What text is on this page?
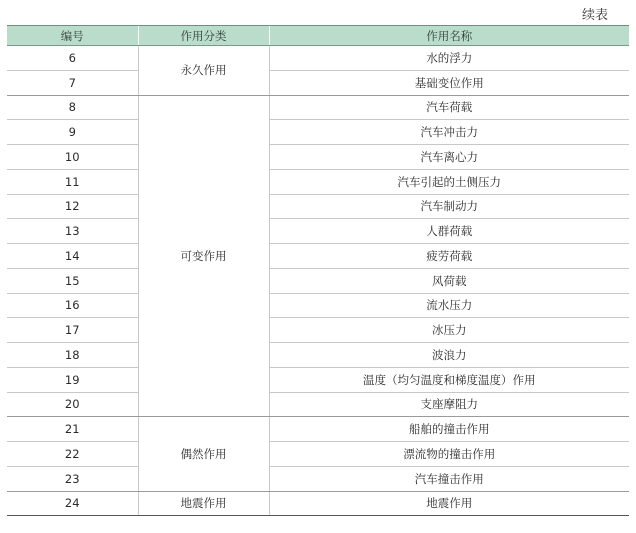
续表
编号	作用分类	作用名称
6	永久作用	水的浮力
7		基础变位作用
8	可变作用	汽车荷载
9		汽车冲击力
10		汽车离心力
11		汽车引起的土侧压力
12		汽车制动力
13		人群荷载
14		疲劳荷载
15		风荷载
16		流水压力
17		冰压力
18		波浪力
19		温度（均匀温度和梯度温度）作用
20		支座摩阻力
21	偶然作用	船舶的撞击作用
22		漂流物的撞击作用
23		汽车撞击作用
24	地震作用	地震作用
